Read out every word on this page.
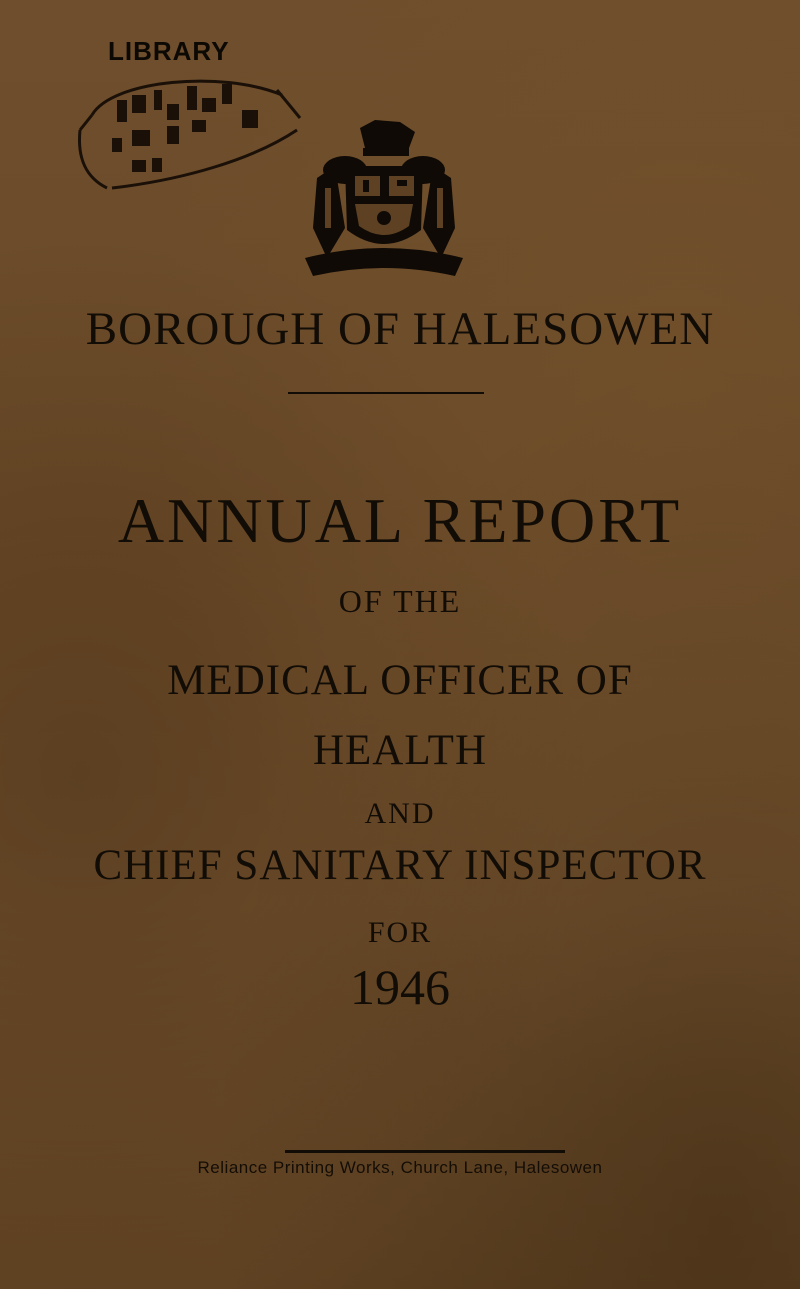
LIBRARY
BOROUGH OF HALESOWEN
ANNUAL REPORT
OF THE
MEDICAL OFFICER OF
HEALTH
AND
CHIEF SANITARY INSPECTOR
FOR
1946
Reliance Printing Works, Church Lane, Halesowen
